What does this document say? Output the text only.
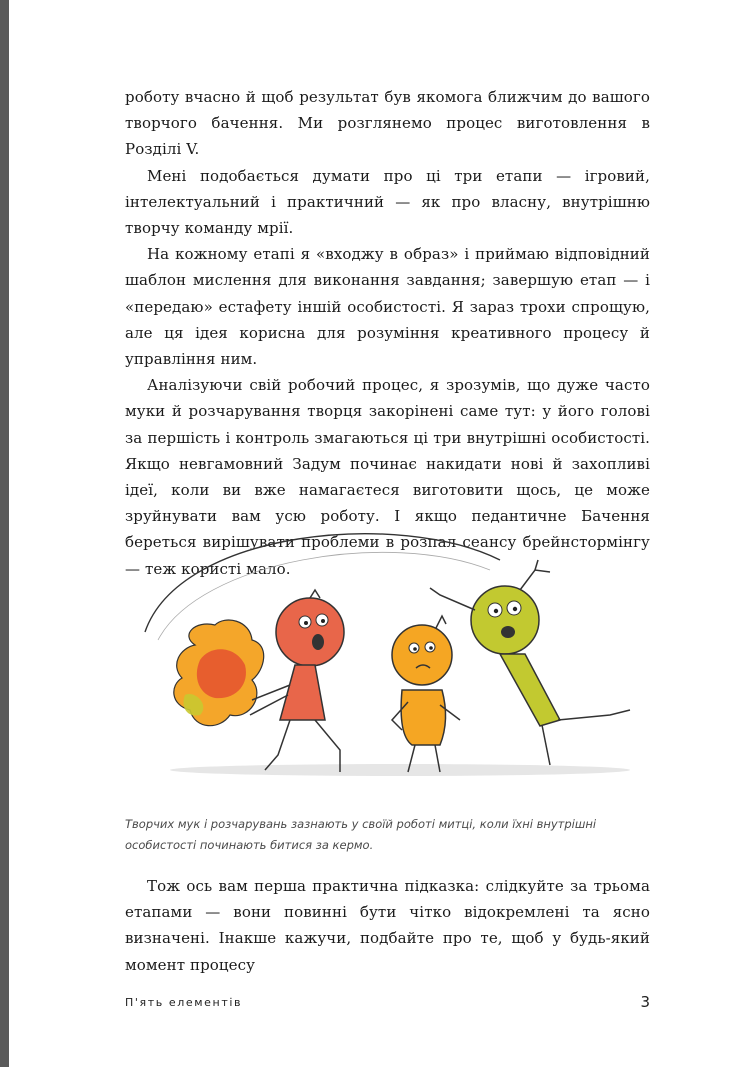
роботу вчасно й щоб результат був якомога ближчим до вашого творчого бачення. Ми розглянемо процес виготовлення в Розділі V.

Мені подобається думати про ці три етапи — ігровий, інтелектуальний і практичний — як про власну, внутрішню творчу команду мрії.

На кожному етапі я «входжу в образ» і приймаю відповідний шаблон мислення для виконання завдання; завершую етап — і «передаю» естафету іншій особистості. Я зараз трохи спрощую, але ця ідея корисна для розуміння креативного процесу й управління ним.

Аналізуючи свій робочий процес, я зрозумів, що дуже часто муки й розчарування творця закорінені саме тут: у його голові за першість і контроль змагаються ці три внутрішні особистості. Якщо невгамовний Задум починає накидати нові й захопливі ідеї, коли ви вже намагаєтеся виготовити щось, це може зруйнувати вам усю роботу. І якщо педантичне Бачення береться вирішувати проблеми в розпал сеансу брейнстормінгу — теж користі мало.

Творчих мук і розчарувань зазнають у своїй роботі митці, коли їхні внутрішні

особистості починають битися за кермо.

Тож ось вам перша практична підказка: слідкуйте за трьома етапами — вони повинні бути чітко відокремлені та ясно визначені. Інакше кажучи, подбайте про те, щоб у будь-який момент процесу

П'ять елементів	3
